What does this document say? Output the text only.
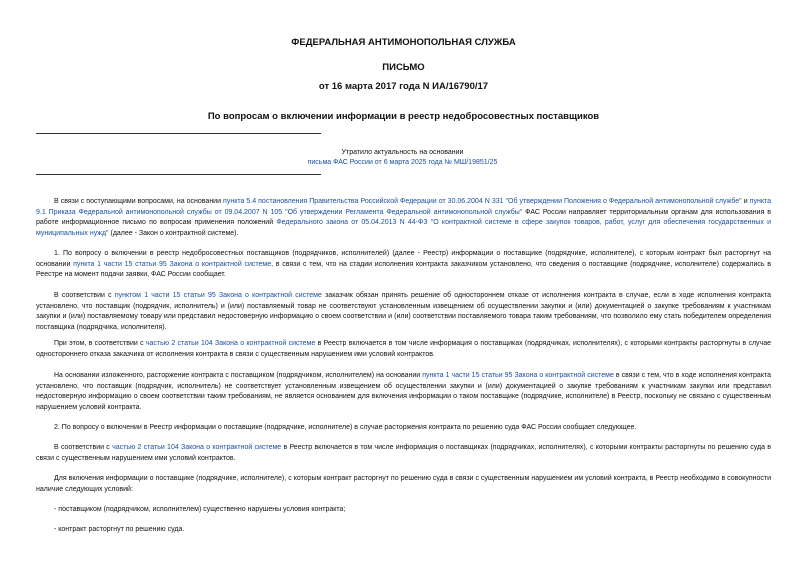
ФЕДЕРАЛЬНАЯ АНТИМОНОПОЛЬНАЯ СЛУЖБА
ПИСЬМО
от 16 марта 2017 года N ИА/16790/17
По вопросам о включении информации в реестр недобросовестных поставщиков
Утратило актуальность на основании
письма ФАС России от 6 марта 2025 года № МШ/19851/25
В связи с поступающими вопросами, на основании пункта 5.4 постановления Правительства Российской Федерации от 30.06.2004 N 331 "Об утверждении Положения о Федеральной антимонопольной службе" и пункта 9.1 Приказа Федеральной антимонопольной службы от 09.04.2007 N 105 "Об утверждении Регламента Федеральной антимонопольной службы" ФАС России направляет территориальным органам для использования в работе информационное письмо по вопросам применения положений Федерального закона от 05.04.2013 N 44-ФЗ "О контрактной системе в сфере закупок товаров, работ, услуг для обеспечения государственных и муниципальных нужд" (далее - Закон о контрактной системе).
1. По вопросу о включении в реестр недобросовестных поставщиков (подрядчиков, исполнителей) (далее - Реестр) информации о поставщике (подрядчике, исполнителе), с которым контракт был расторгнут на основании пункта 1 части 15 статьи 95 Закона о контрактной системе, в связи с тем, что на стадии исполнения контракта заказчиком установлено, что сведения о поставщике (подрядчике, исполнителе) содержались в Реестре на момент подачи заявки, ФАС России сообщает.
В соответствии с пунктом 1 части 15 статьи 95 Закона о контрактной системе заказчик обязан принять решение об одностороннем отказе от исполнения контракта в случае, если в ходе исполнения контракта установлено, что поставщик (подрядчик, исполнитель) и (или) поставляемый товар не соответствуют установленным извещением об осуществлении закупки и (или) документацией о закупке требованиям к участникам закупки и (или) поставляемому товару или представил недостоверную информацию о своем соответствии и (или) соответствии поставляемого товара таким требованиям, что позволило ему стать победителем определения поставщика (подрядчика, исполнителя).
При этом, в соответствии с частью 2 статьи 104 Закона о контрактной системе в Реестр включается в том числе информация о поставщиках (подрядчиках, исполнителях), с которыми контракты расторгнуты в случае одностороннего отказа заказчика от исполнения контракта в связи с существенным нарушением ими условий контрактов.
На основании изложенного, расторжение контракта с поставщиком (подрядчиком, исполнителем) на основании пункта 1 части 15 статьи 95 Закона о контрактной системе в связи с тем, что в ходе исполнения контракта установлено, что поставщик (подрядчик, исполнитель) не соответствует установленным извещением об осуществлении закупки и (или) документацией о закупке требованиям к участникам закупки или представил недостоверную информацию о своем соответствии таким требованиям, не является основанием для включения информации о таком поставщике (подрядчике, исполнителе) в Реестр, поскольку не связано с существенным нарушением условий контракта.
2. По вопросу о включении в Реестр информации о поставщике (подрядчике, исполнителе) в случае расторжения контракта по решению суда ФАС России сообщает следующее.
В соответствии с частью 2 статьи 104 Закона о контрактной системе в Реестр включается в том числе информация о поставщиках (подрядчиках, исполнителях), с которыми контракты расторгнуты по решению суда в связи с существенным нарушением ими условий контрактов.
Для включения информации о поставщике (подрядчике, исполнителе), с которым контракт расторгнут по решению суда в связи с существенным нарушением им условий контракта, в Реестр необходимо в совокупности наличие следующих условий:
- поставщиком (подрядчиком, исполнителем) существенно нарушены условия контракта;
- контракт расторгнут по решению суда.
